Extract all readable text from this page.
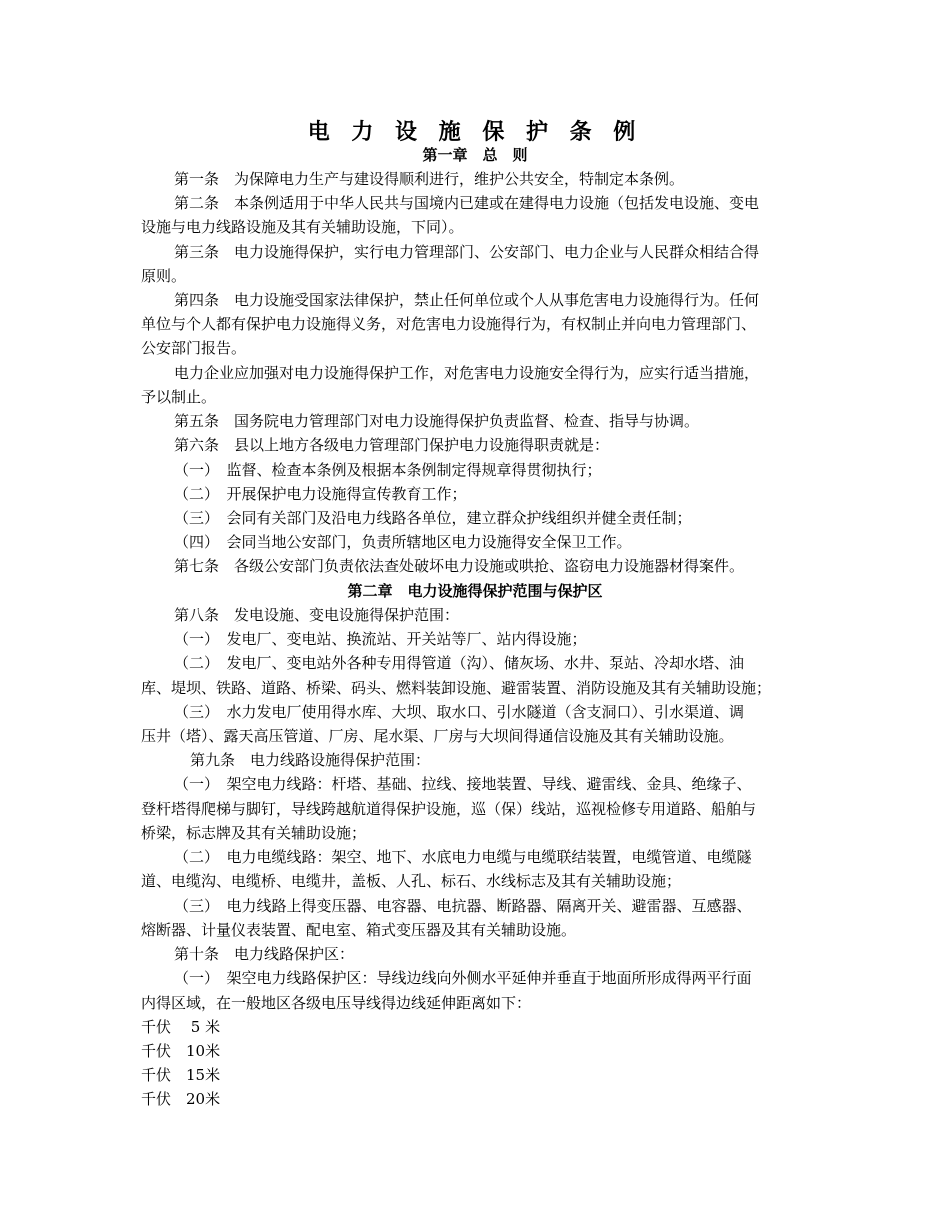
电 力 设 施 保 护 条 例
第一章　总　则
第一条　为保障电力生产与建设得顺利进行，维护公共安全，特制定本条例。
第二条　本条例适用于中华人民共与国境内已建或在建得电力设施（包括发电设施、变电
设施与电力线路设施及其有关辅助设施，下同）。
第三条　电力设施得保护，实行电力管理部门、公安部门、电力企业与人民群众相结合得
原则。
第四条　电力设施受国家法律保护，禁止任何单位或个人从事危害电力设施得行为。任何
单位与个人都有保护电力设施得义务，对危害电力设施得行为，有权制止并向电力管理部门、
公安部门报告。
电力企业应加强对电力设施得保护工作，对危害电力设施安全得行为，应实行适当措施，
予以制止。
第五条　国务院电力管理部门对电力设施得保护负责监督、检查、指导与协调。
第六条　县以上地方各级电力管理部门保护电力设施得职责就是：
（一）　监督、检查本条例及根据本条例制定得规章得贯彻执行；
（二）　开展保护电力设施得宣传教育工作；
（三）　会同有关部门及沿电力线路各单位，建立群众护线组织并健全责任制；
（四）　会同当地公安部门，负责所辖地区电力设施得安全保卫工作。
第七条　各级公安部门负责依法查处破坏电力设施或哄抢、盗窃电力设施器材得案件。
第二章　电力设施得保护范围与保护区
第八条　发电设施、变电设施得保护范围：
（一）　发电厂、变电站、换流站、开关站等厂、站内得设施；
（二）　发电厂、变电站外各种专用得管道（沟）、储灰场、水井、泵站、冷却水塔、油
库、堤坝、铁路、道路、桥梁、码头、燃料装卸设施、避雷装置、消防设施及其有关辅助设施；
（三）　水力发电厂使用得水库、大坝、取水口、引水隧道（含支洞口）、引水渠道、调
压井（塔）、露天高压管道、厂房、尾水渠、厂房与大坝间得通信设施及其有关辅助设施。
第九条　电力线路设施得保护范围：
（一）　架空电力线路：杆塔、基础、拉线、接地装置、导线、避雷线、金具、绝缘子、
登杆塔得爬梯与脚钉，导线跨越航道得保护设施，巡（保）线站，巡视检修专用道路、船舶与
桥梁，标志牌及其有关辅助设施；
（二）　电力电缆线路：架空、地下、水底电力电缆与电缆联结装置，电缆管道、电缆隧
道、电缆沟、电缆桥、电缆井，盖板、人孔、标石、水线标志及其有关辅助设施；
（三）　电力线路上得变压器、电容器、电抗器、断路器、隔离开关、避雷器、互感器、
熔断器、计量仪表装置、配电室、箱式变压器及其有关辅助设施。
第十条　电力线路保护区：
（一）　架空电力线路保护区：导线边线向外侧水平延伸并垂直于地面所形成得两平行面
内得区域，在一般地区各级电压导线得边线延伸距离如下：
千伏　 5 米
千伏　10米
千伏　15米
千伏　20米
